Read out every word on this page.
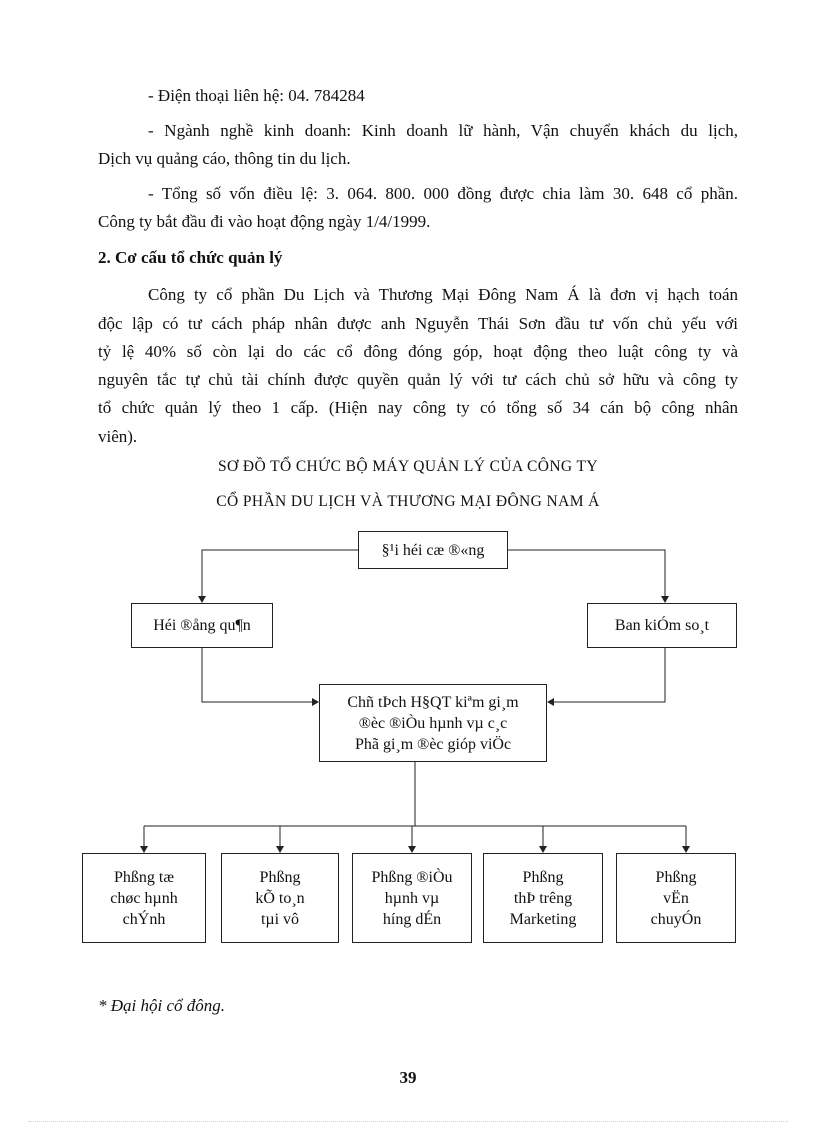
- Điện thoại liên hệ: 04. 784284
- Ngành nghề kinh doanh: Kinh doanh lữ hành, Vận chuyển khách du lịch,
Dịch vụ quảng cáo, thông tin du lịch.
- Tổng số vốn điều lệ: 3. 064. 800. 000 đồng được chia làm 30. 648 cổ phần.
Công ty bắt đầu đi vào hoạt động ngày 1/4/1999.
2. Cơ cấu tổ chức quản lý
Công ty cổ phần Du Lịch và Thương Mại Đông Nam Á là đơn vị hạch toán
độc lập có tư cách pháp nhân được anh Nguyễn Thái Sơn đầu tư vốn chủ yếu với
tỷ lệ 40% số còn lại do các cổ đông đóng góp, hoạt động theo luật công ty và
nguyên tắc tự chủ tài chính được quyền quản lý với tư cách chủ sở hữu và công ty
tổ chức quản lý theo 1 cấp. (Hiện nay công ty có tổng số 34 cán bộ công nhân
viên).
SƠ ĐỒ TỔ CHỨC BỘ MÁY QUẢN LÝ CỦA CÔNG TY
CỔ PHẦN DU LỊCH VÀ THƯƠNG MẠI ĐÔNG NAM Á
§¹i héi cæ ®«ng
Héi ®ång qu¶n	Ban kiÓm so¸t
Chñ tÞch H§QT kiªm gi¸m
®èc ®iÒu hµnh vµ c¸c
Phã gi¸m ®èc gióp viÖc
Phßng tæ
chøc hµnh
chÝnh
Phßng
kÕ to¸n
tµi vô
Phßng ®iÒu
hµnh vµ
híng dÉn
Phßng
thÞ trêng
Marketing
Phßng
vËn
chuyÓn
* Đại hội cổ đông.
39
